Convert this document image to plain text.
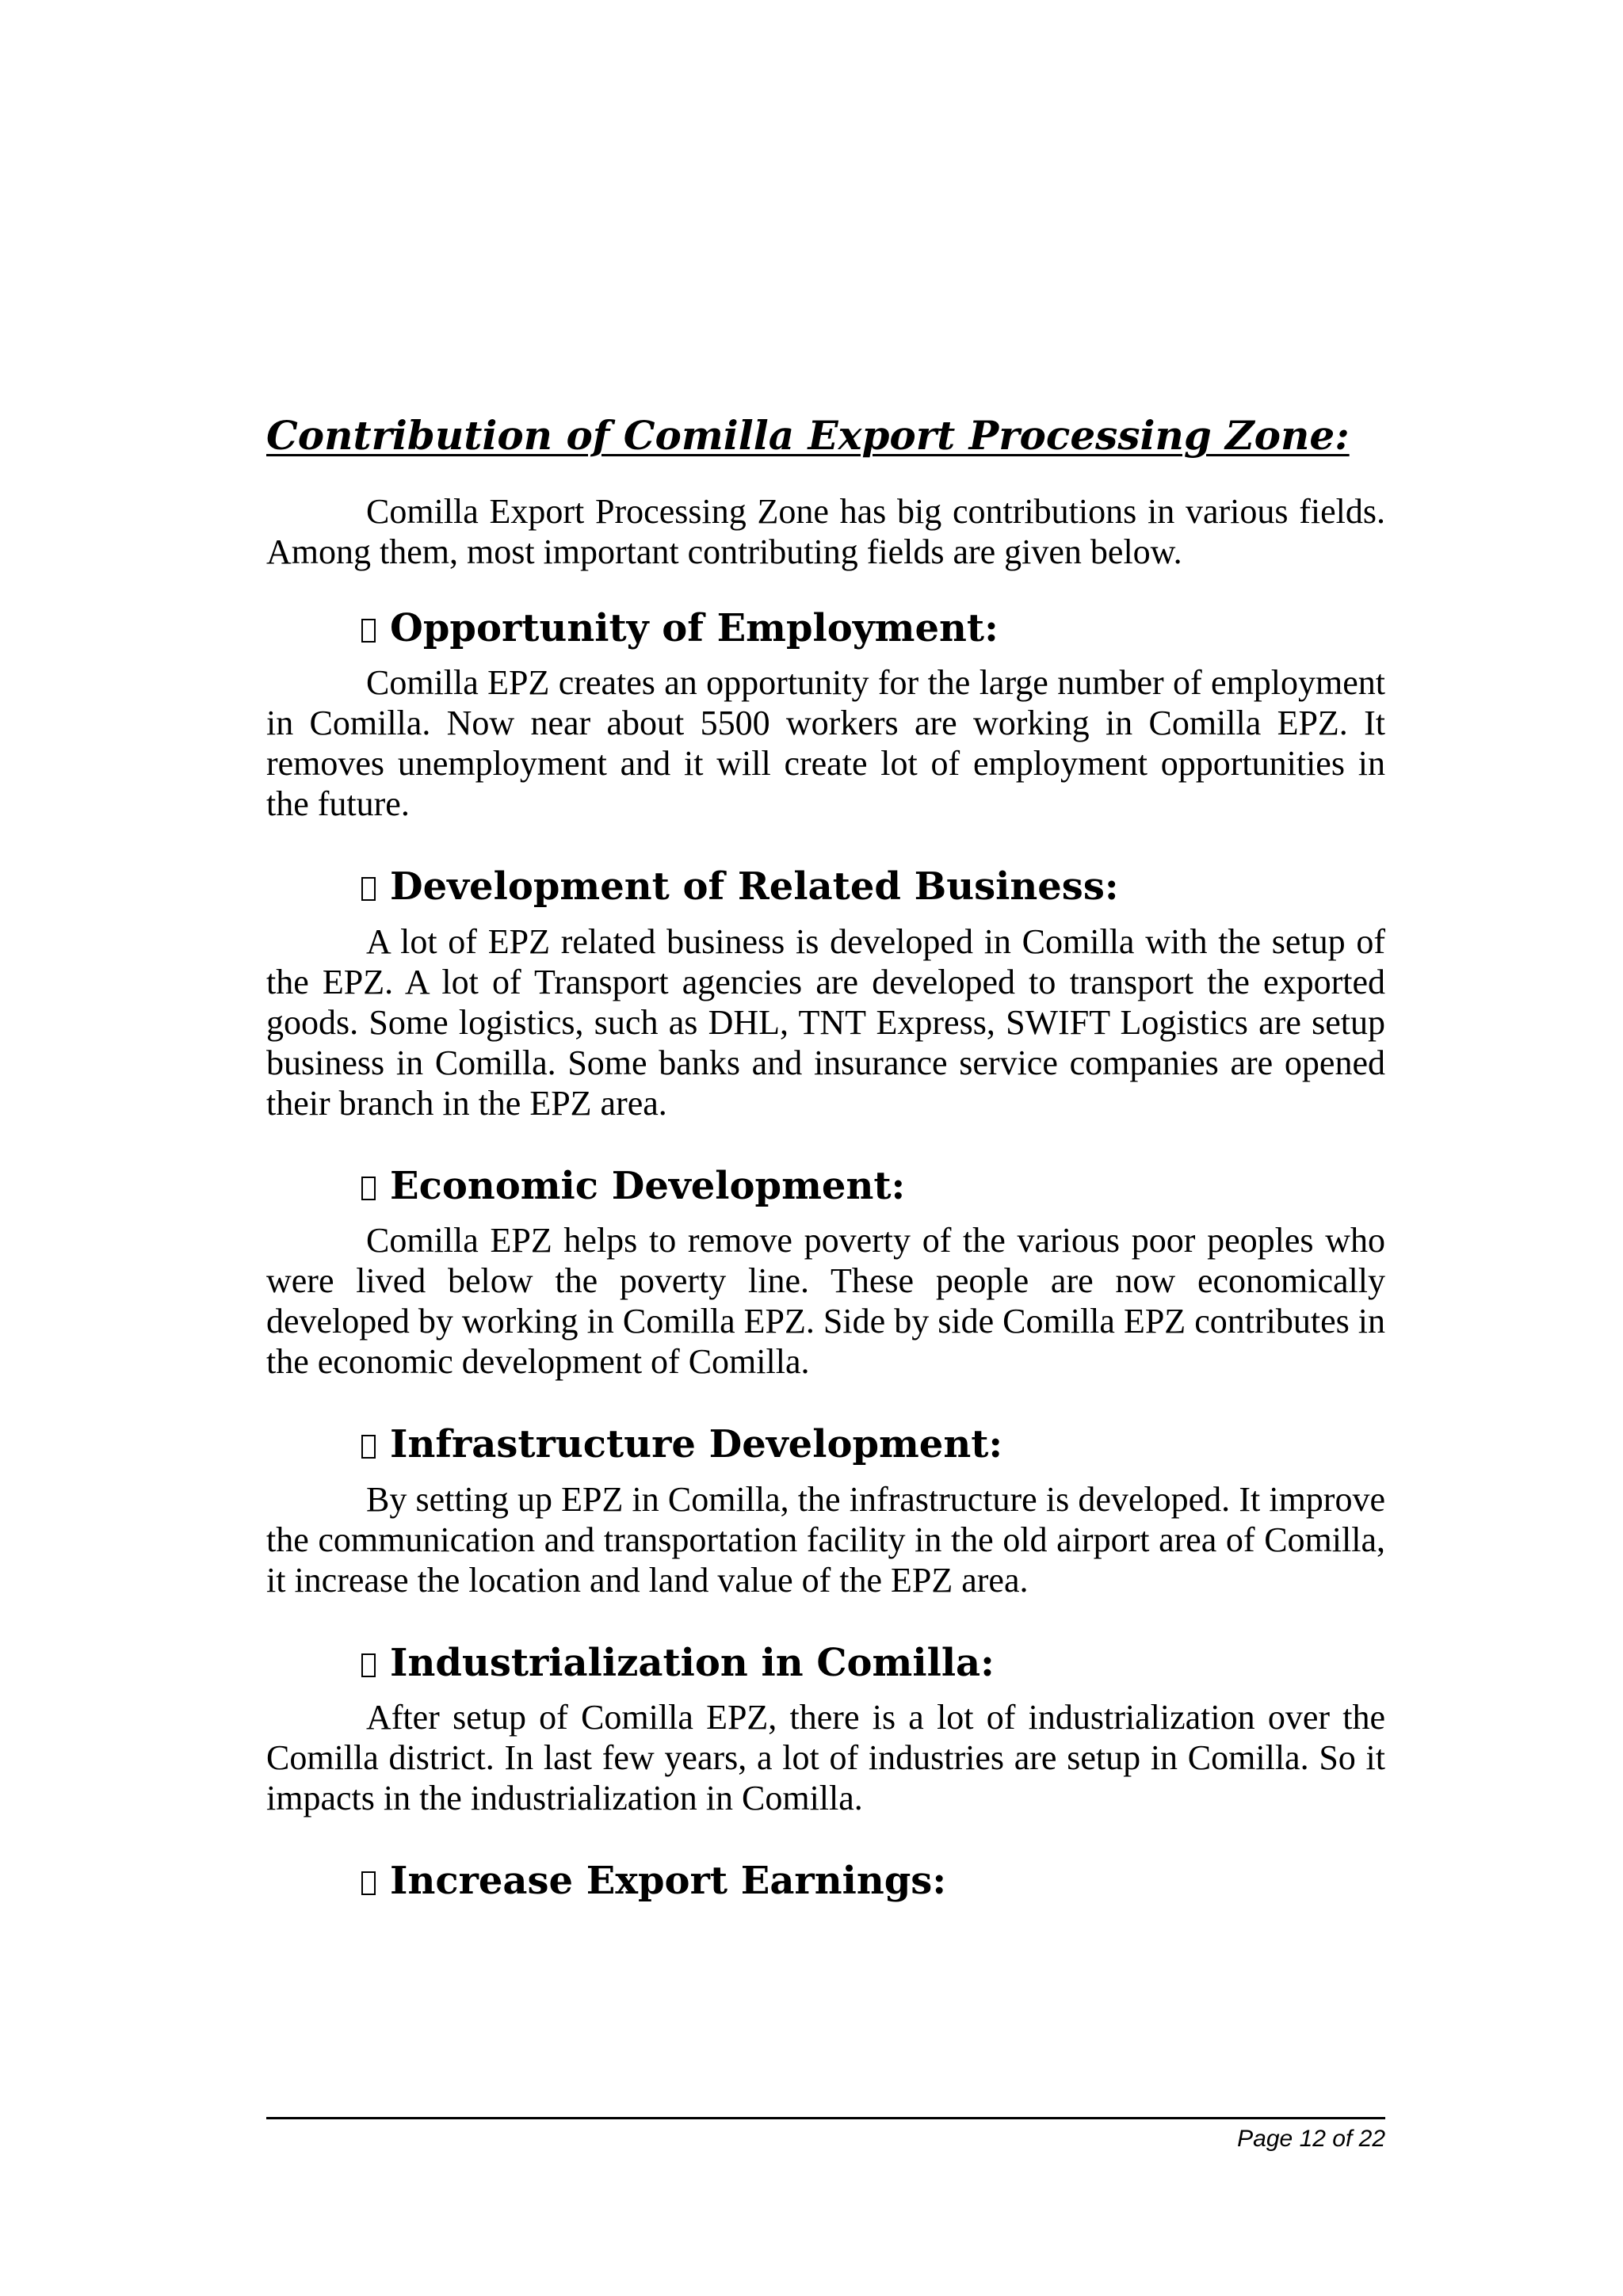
Contribution of Comilla Export Processing Zone:

Comilla Export Processing Zone has big contributions in various fields. Among them, most important contributing fields are given below.

Opportunity of Employment:

Comilla EPZ creates an opportunity for the large number of employment in Comilla. Now near about 5500 workers are working in Comilla EPZ. It removes unemployment and it will create lot of employment opportunities in the future.

Development of Related Business:

A lot of EPZ related business is developed in Comilla with the setup of the EPZ. A lot of Transport agencies are developed to transport the exported goods. Some logistics, such as DHL, TNT Express, SWIFT Logistics are setup business in Comilla. Some banks and insurance service companies are opened their branch in the EPZ area.

Economic Development:

Comilla EPZ helps to remove poverty of the various poor peoples who were lived below the poverty line. These people are now economically developed by working in Comilla EPZ. Side by side Comilla EPZ contributes in the economic development of Comilla.

Infrastructure Development:

By setting up EPZ in Comilla, the infrastructure is developed. It improve the communication and transportation facility in the old airport area of Comilla, it increase the location and land value of the EPZ area.

Industrialization in Comilla:

After setup of Comilla EPZ, there is a lot of industrialization over the Comilla district. In last few years, a lot of industries are setup in Comilla. So it impacts in the industrialization in Comilla.

Increase Export Earnings:
Page 12 of 22
